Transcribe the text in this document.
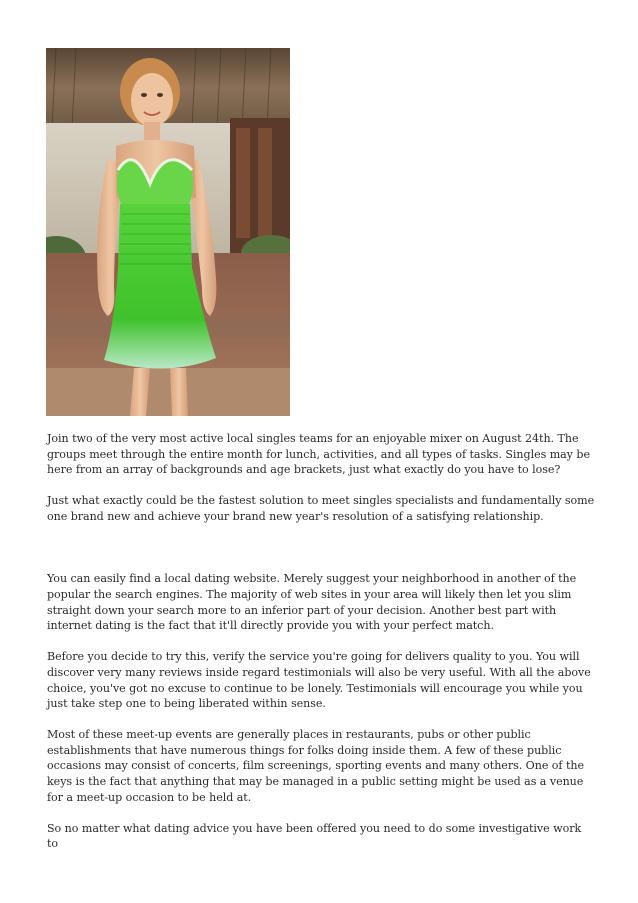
Join two of the very most active local singles teams for an enjoyable mixer on August 24th. The groups meet through the entire month for lunch, activities, and all types of tasks. Singles may be here from an array of backgrounds and age brackets, just what exactly do you have to lose?

Just what exactly could be the fastest solution to meet singles specialists and fundamentally some one brand new and achieve your brand new year's resolution of a satisfying relationship.

You can easily find a local dating website. Merely suggest your neighborhood in another of the popular the search engines. The majority of web sites in your area will likely then let you slim straight down your search more to an inferior part of your decision. Another best part with internet dating is the fact that it'll directly provide you with your perfect match.

Before you decide to try this, verify the service you're going for delivers quality to you. You will discover very many reviews inside regard testimonials will also be very useful. With all the above choice, you've got no excuse to continue to be lonely. Testimonials will encourage you while you just take step one to being liberated within sense.

Most of these meet-up events are generally places in restaurants, pubs or other public establishments that have numerous things for folks doing inside them. A few of these public occasions may consist of concerts, film screenings, sporting events and many others. One of the keys is the fact that anything that may be managed in a public setting might be used as a venue for a meet-up occasion to be held at.

So no matter what dating advice you have been offered you need to do some investigative work to
